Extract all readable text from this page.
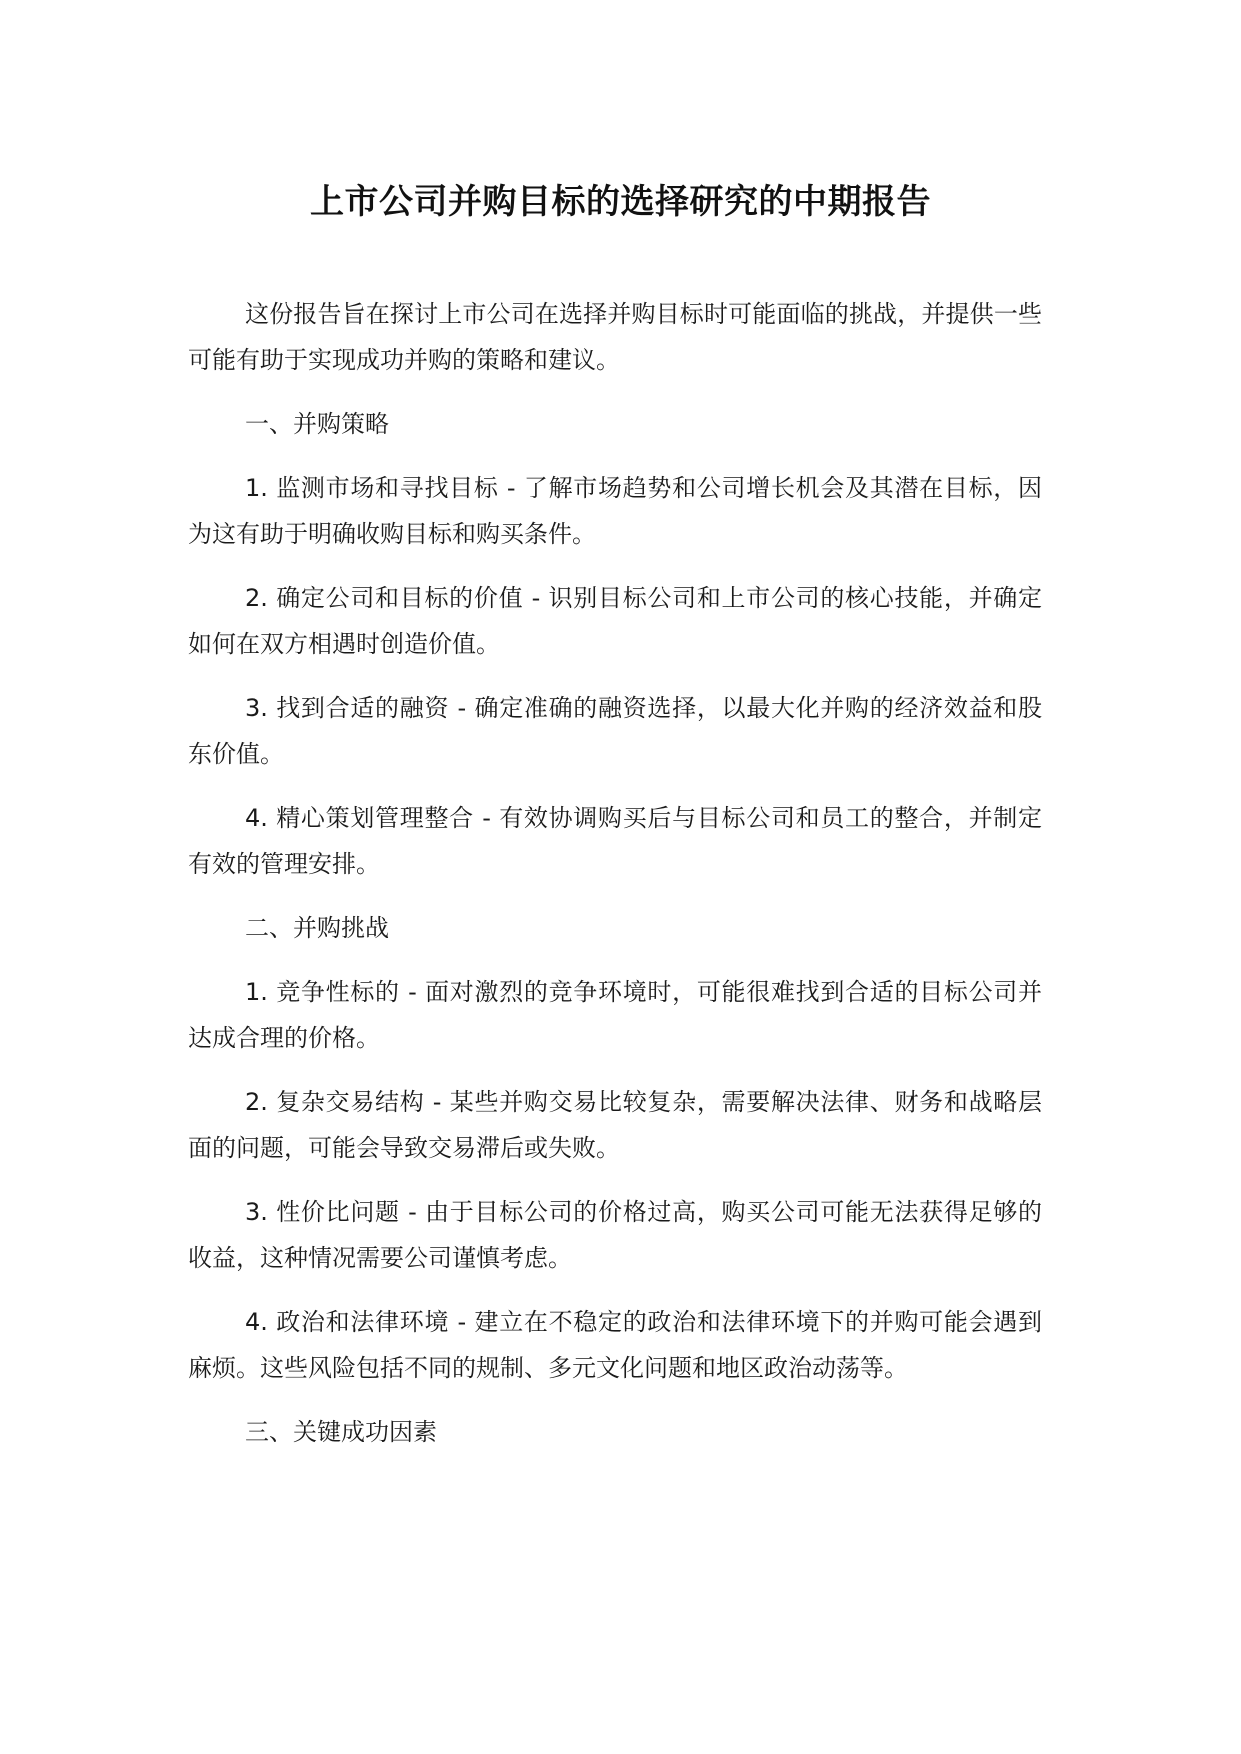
上市公司并购目标的选择研究的中期报告

这份报告旨在探讨上市公司在选择并购目标时可能面临的挑战，并提供一些可能有助于实现成功并购的策略和建议。

一、并购策略

1. 监测市场和寻找目标 - 了解市场趋势和公司增长机会及其潜在目标，因为这有助于明确收购目标和购买条件。

2. 确定公司和目标的价值 - 识别目标公司和上市公司的核心技能，并确定如何在双方相遇时创造价值。

3. 找到合适的融资 - 确定准确的融资选择，以最大化并购的经济效益和股东价值。

4. 精心策划管理整合 - 有效协调购买后与目标公司和员工的整合，并制定有效的管理安排。

二、并购挑战

1. 竞争性标的 - 面对激烈的竞争环境时，可能很难找到合适的目标公司并达成合理的价格。

2. 复杂交易结构 - 某些并购交易比较复杂，需要解决法律、财务和战略层面的问题，可能会导致交易滞后或失败。

3. 性价比问题 - 由于目标公司的价格过高，购买公司可能无法获得足够的收益，这种情况需要公司谨慎考虑。

4. 政治和法律环境 - 建立在不稳定的政治和法律环境下的并购可能会遇到麻烦。这些风险包括不同的规制、多元文化问题和地区政治动荡等。

三、关键成功因素
